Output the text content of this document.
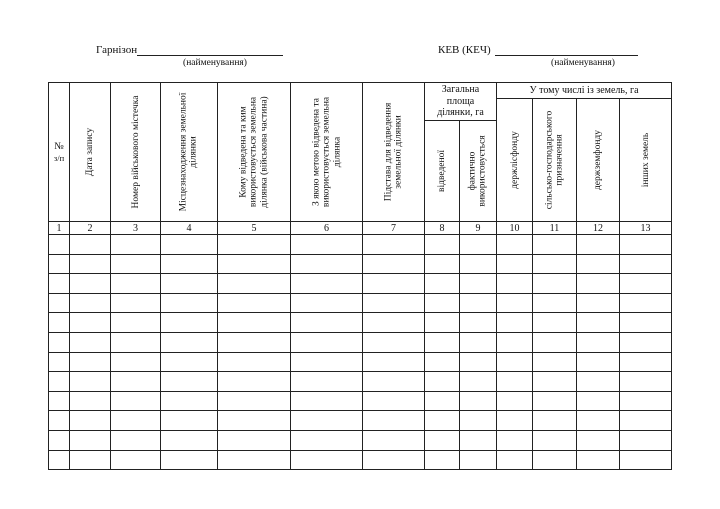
Гарнізон
(найменування)
КЕВ (КЕЧ)
(найменування)
№
з/п	Дата запису	Номер військового містечка	Місцезнаходження земельної ділянки	Кому відведена та ким використовується земельна ділянка (військова частина)	З якою метою відведена та використовується земельна ділянка	Підстава для відведення земельної ділянки	Загальна площа ділянки, га		У тому числі із земель, га			

									держлісфонду	сільсько-господарського призначення	держземфонду	інших земель

							відведеної	фактично використовується				

1	2	3	4	5	6	7	8	9	10	11	12	13
